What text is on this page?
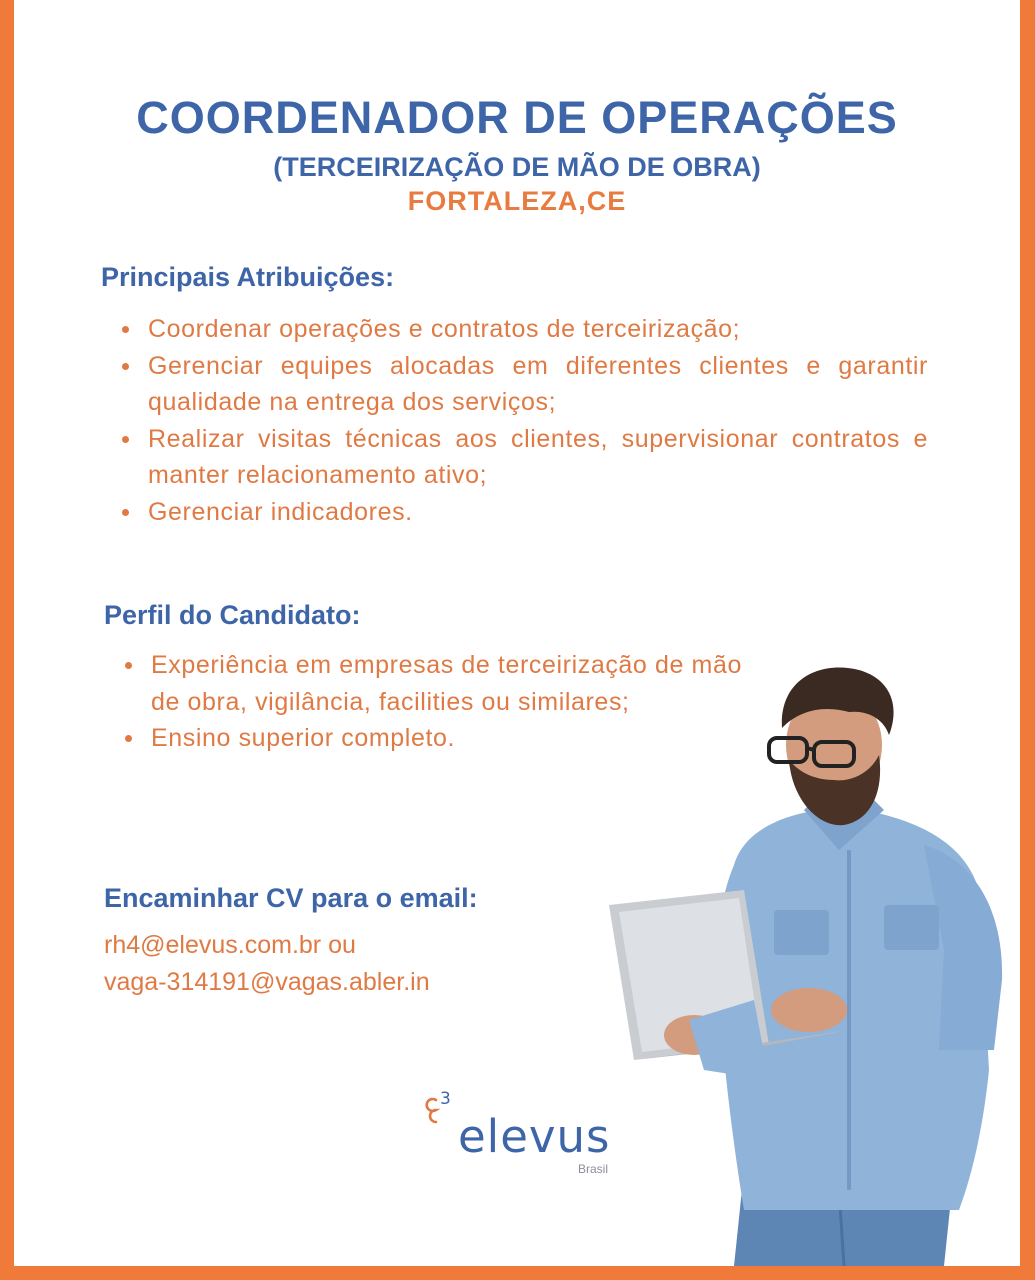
COORDENADOR DE OPERAÇÕES
(TERCEIRIZAÇÃO DE MÃO DE OBRA)
FORTALEZA,CE
Principais Atribuições:
Coordenar operações e contratos de terceirização;
Gerenciar equipes alocadas em diferentes clientes e garantir qualidade na entrega dos serviços;
Realizar visitas técnicas aos clientes, supervisionar contratos e manter relacionamento ativo;
Gerenciar indicadores.
Perfil do Candidato:
Experiência em empresas de terceirização de mão de obra, vigilância, facilities ou similares;
Ensino superior completo.
Encaminhar CV para o email:

rh4@elevus.com.br ou

vaga-314191@vagas.abler.in

3
elevus
Brasil
